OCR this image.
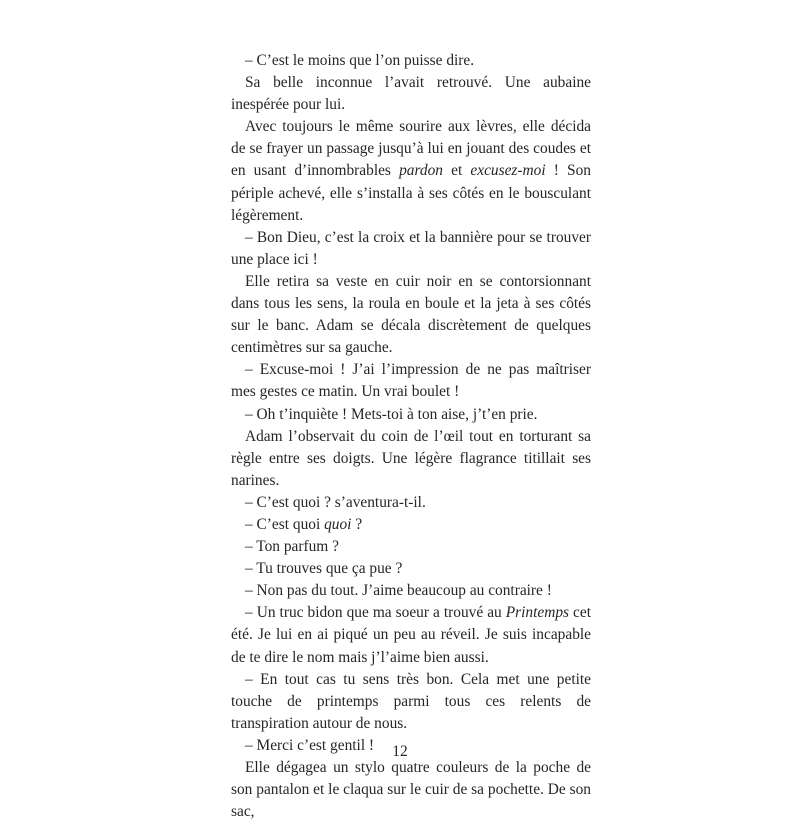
– C’est le moins que l’on puisse dire.

Sa belle inconnue l’avait retrouvé. Une aubaine inespérée pour lui.

Avec toujours le même sourire aux lèvres, elle décida de se frayer un passage jusqu’à lui en jouant des coudes et en usant d’innombrables pardon et excusez-moi ! Son périple achevé, elle s’installa à ses côtés en le bousculant légèrement.

– Bon Dieu, c’est la croix et la bannière pour se trouver une place ici !

Elle retira sa veste en cuir noir en se contorsionnant dans tous les sens, la roula en boule et la jeta à ses côtés sur le banc. Adam se décala discrètement de quelques centimètres sur sa gauche.

– Excuse-moi ! J’ai l’impression de ne pas maîtriser mes gestes ce matin. Un vrai boulet !

– Oh t’inquiète ! Mets-toi à ton aise, j’t’en prie.

Adam l’observait du coin de l’œil tout en torturant sa règle entre ses doigts. Une légère flagrance titillait ses narines.

– C’est quoi ? s’aventura-t-il.

– C’est quoi quoi ?

– Ton parfum ?

– Tu trouves que ça pue ?

– Non pas du tout. J’aime beaucoup au contraire !

– Un truc bidon que ma soeur a trouvé au Printemps cet été. Je lui en ai piqué un peu au réveil. Je suis incapable de te dire le nom mais j’l’aime bien aussi.

– En tout cas tu sens très bon. Cela met une petite touche de printemps parmi tous ces relents de transpiration autour de nous.

– Merci c’est gentil !

Elle dégagea un stylo quatre couleurs de la poche de son pantalon et le claqua sur le cuir de sa pochette. De son sac,

12
